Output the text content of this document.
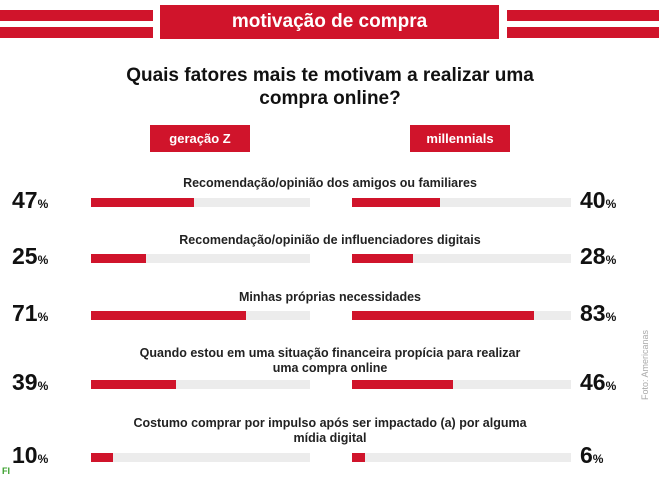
motivação de compra
Quais fatores mais te motivam a realizar uma compra online?
geração Z	millennials
Recomendação/opinião dos amigos ou familiares
47%	40%
Recomendação/opinião de influenciadores digitais
25%	28%
Minhas próprias necessidades
71%	83%
Quando estou em uma situação financeira propícia para realizar uma compra online
39%	46%
Costumo comprar por impulso após ser impactado (a) por alguma mídia digital
10%	6%
Foto: Americanas
FI
